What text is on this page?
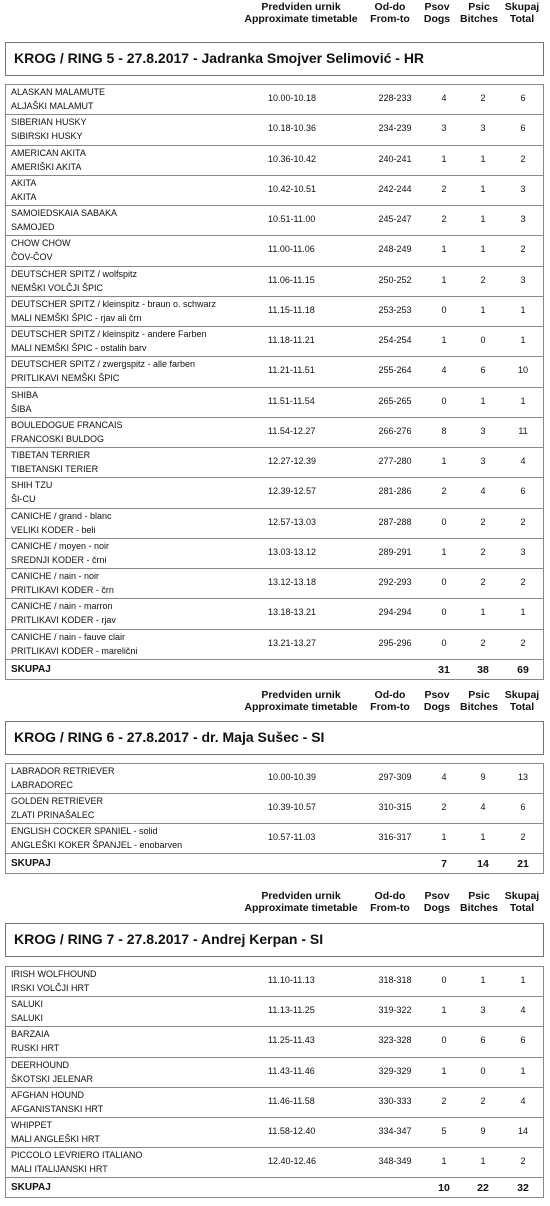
Predviden urnik
Approximate timetable
Od-do
From-to
Psov
Dogs
Psic
Bitches
Skupaj
Total
KROG / RING 5 - 27.8.2017 - Jadranka Smojver Selimović - HR
ALASKAN MALAMUTE
ALJAŠKI MALAMUT
10.00-10.18	228-233	4	2	6
SIBERIAN HUSKY
SIBIRSKI HUSKY
10.18-10.36	234-239	3	3	6
AMERICAN AKITA
AMERIŠKI AKITA
10.36-10.42	240-241	1	1	2
AKITA
AKITA
10.42-10.51	242-244	2	1	3
SAMOIEDSKAIA SABAKA
SAMOJED
10.51-11.00	245-247	2	1	3
CHOW CHOW
ČOV-ČOV
11.00-11.06	248-249	1	1	2
DEUTSCHER SPITZ / wolfspitz
NEMŠKI VOLČJI ŠPIC
11.06-11.15	250-252	1	2	3
DEUTSCHER SPITZ / kleinspitz - braun o. schwarz
MALI NEMŠKI ŠPIC - rjav ali črn
11.15-11.18	253-253	0	1	1
DEUTSCHER SPITZ / kleinspitz - andere Farben
MALI NEMŠKI ŠPIC - ostalih barv
11.18-11.21	254-254	1	0	1
DEUTSCHER SPITZ / zwergspitz - alle farben
PRITLIKAVI NEMŠKI ŠPIC
11.21-11.51	255-264	4	6	10
SHIBA
ŠIBA
11.51-11.54	265-265	0	1	1
BOULEDOGUE FRANCAIS
FRANCOSKI BULDOG
11.54-12.27	266-276	8	3	11
TIBETAN TERRIER
TIBETANSKI TERIER
12.27-12.39	277-280	1	3	4
SHIH TZU
ŠI-CU
12.39-12.57	281-286	2	4	6
CANICHE / grand - blanc
VELIKI KODER - beli
12.57-13.03	287-288	0	2	2
CANICHE / moyen - noir
SREDNJI KODER - črni
13.03-13.12	289-291	1	2	3
CANICHE / nain - noir
PRITLIKAVI KODER - črn
13.12-13.18	292-293	0	2	2
CANICHE / nain - marron
PRITLIKAVI KODER - rjav
13.18-13.21	294-294	0	1	1
CANICHE / nain - fauve clair
PRITLIKAVI KODER - marelični
13.21-13.27	295-296	0	2	2
SKUPAJ	31	38	69
Predviden urnik
Approximate timetable
Od-do
From-to
Psov
Dogs
Psic
Bitches
Skupaj
Total
KROG / RING 6 - 27.8.2017 - dr. Maja Sušec - SI
LABRADOR RETRIEVER
LABRADOREC
10.00-10.39	297-309	4	9	13
GOLDEN RETRIEVER
ZLATI PRINAŠALEC
10.39-10.57	310-315	2	4	6
ENGLISH COCKER SPANIEL - solid
ANGLEŠKI KOKER ŠPANJEL - enobarven
10.57-11.03	316-317	1	1	2
SKUPAJ	7	14	21
Predviden urnik
Approximate timetable
Od-do
From-to
Psov
Dogs
Psic
Bitches
Skupaj
Total
KROG / RING 7 - 27.8.2017 - Andrej Kerpan - SI
IRISH WOLFHOUND
IRSKI VOLČJI HRT
11.10-11.13	318-318	0	1	1
SALUKI
SALUKI
11.13-11.25	319-322	1	3	4
BARZAIA
RUSKI HRT
11.25-11.43	323-328	0	6	6
DEERHOUND
ŠKOTSKI JELENAR
11.43-11.46	329-329	1	0	1
AFGHAN HOUND
AFGANISTANSKI HRT
11.46-11.58	330-333	2	2	4
WHIPPET
MALI ANGLEŠKI HRT
11.58-12.40	334-347	5	9	14
PICCOLO LEVRIERO ITALIANO
MALI ITALIJANSKI HRT
12.40-12.46	348-349	1	1	2
SKUPAJ	10	22	32
